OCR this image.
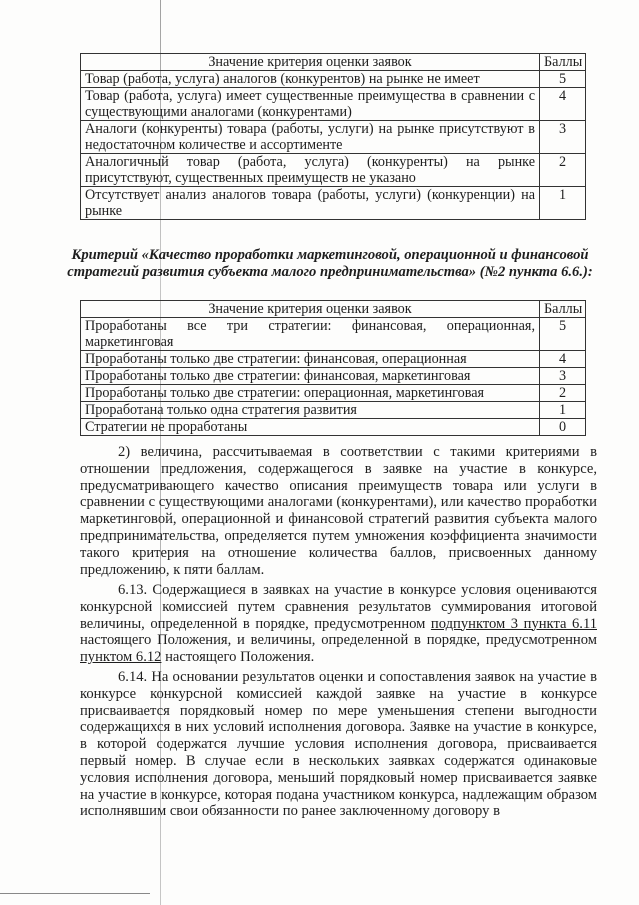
Значение критерия оценки заявок	Баллы
Товар (работа, услуга) аналогов (конкурентов) на рынке не имеет	5
Товар (работа, услуга) имеет существенные преимущества в сравнении с существующими аналогами (конкурентами)	4
Аналоги (конкуренты) товара (работы, услуги) на рынке присутствуют в недостаточном количестве и ассортименте	3
Аналогичный товар (работа, услуга) (конкуренты) на рынке присутствуют, существенных преимуществ не указано	2
Отсутствует анализ аналогов товара (работы, услуги) (конкуренции) на рынке	1
Критерий «Качество проработки маркетинговой, операционной и финансовой стратегий развития субъекта малого предпринимательства» (№2 пункта 6.6.):
Значение критерия оценки заявок	Баллы
Проработаны все три стратегии: финансовая, операционная, маркетинговая	5
Проработаны только две стратегии: финансовая, операционная	4
Проработаны только две стратегии: финансовая, маркетинговая	3
Проработаны только две стратегии: операционная, маркетинговая	2
Проработана только одна стратегия развития	1
Стратегии не проработаны	0

2) величина, рассчитываемая в соответствии с такими критериями в отношении предложения, содержащегося в заявке на участие в конкурсе, предусматривающего качество описания преимуществ товара или услуги в сравнении с существующими аналогами (конкурентами), или качество проработки маркетинговой, операционной и финансовой стратегий развития субъекта малого предпринимательства, определяется путем умножения коэффициента значимости такого критерия на отношение количества баллов, присвоенных данному предложению, к пяти баллам.

6.13. Содержащиеся в заявках на участие в конкурсе условия оцениваются конкурсной комиссией путем сравнения результатов суммирования итоговой величины, определенной в порядке, предусмотренном подпунктом 3 пункта 6.11 настоящего Положения, и величины, определенной в порядке, предусмотренном пунктом 6.12 настоящего Положения.

6.14. На основании результатов оценки и сопоставления заявок на участие в конкурсе конкурсной комиссией каждой заявке на участие в конкурсе присваивается порядковый номер по мере уменьшения степени выгодности содержащихся в них условий исполнения договора. Заявке на участие в конкурсе, в которой содержатся лучшие условия исполнения договора, присваивается первый номер. В случае если в нескольких заявках содержатся одинаковые условия исполнения договора, меньший порядковый номер присваивается заявке на участие в конкурсе, которая подана участником конкурса, надлежащим образом исполнявшим свои обязанности по ранее заключенному договору в
